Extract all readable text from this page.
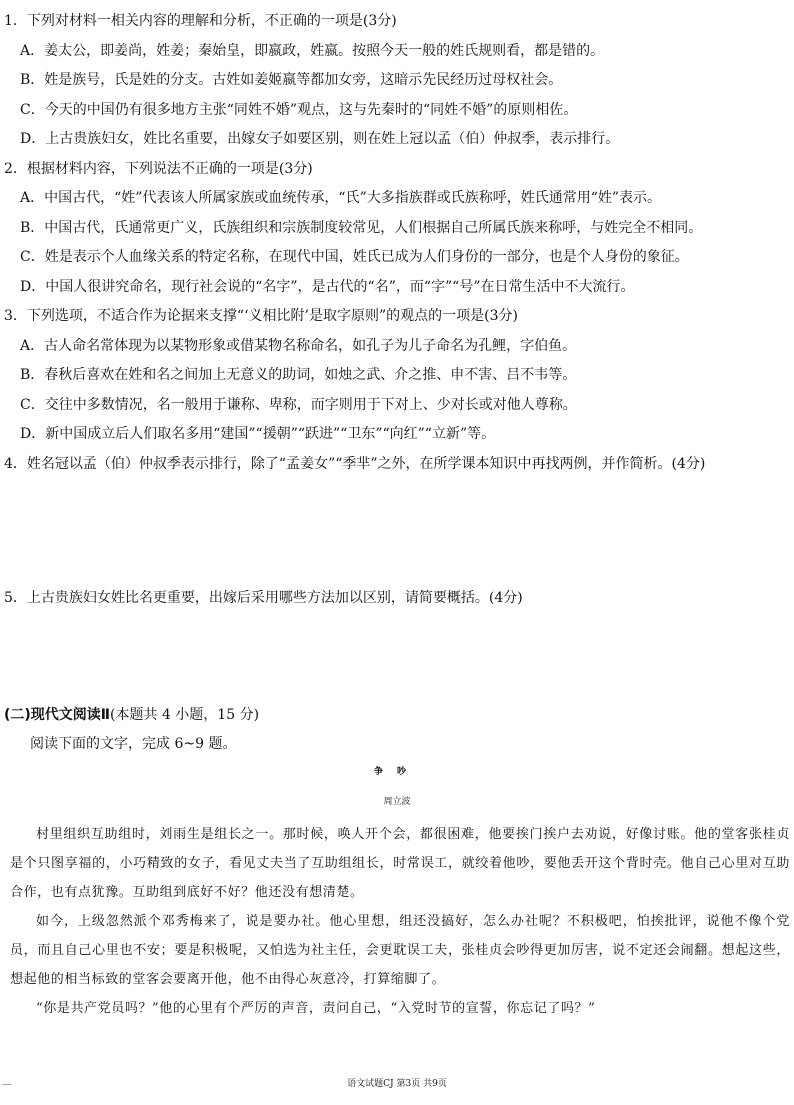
1．下列对材料一相关内容的理解和分析，不正确的一项是(3分)
A．姜太公，即姜尚，姓姜；秦始皇，即嬴政，姓嬴。按照今天一般的姓氏规则看，都是错的。
B．姓是族号，氏是姓的分支。古姓如姜姬嬴等都加女旁，这暗示先民经历过母权社会。
C．今天的中国仍有很多地方主张“同姓不婚”观点，这与先秦时的“同姓不婚”的原则相佐。
D．上古贵族妇女，姓比名重要，出嫁女子如要区别，则在姓上冠以孟（伯）仲叔季，表示排行。
2．根据材料内容，下列说法不正确的一项是(3分)
A．中国古代，“姓”代表该人所属家族或血统传承，“氏”大多指族群或氏族称呼，姓氏通常用“姓”表示。
B．中国古代，氏通常更广义，氏族组织和宗族制度较常见，人们根据自己所属氏族来称呼，与姓完全不相同。
C．姓是表示个人血缘关系的特定名称，在现代中国，姓氏已成为人们身份的一部分，也是个人身份的象征。
D．中国人很讲究命名，现行社会说的“名字”，是古代的“名”，而“字”“号”在日常生活中不大流行。
3．下列选项，不适合作为论据来支撑“‘义相比附’是取字原则”的观点的一项是(3分)
A．古人命名常体现为以某物形象或借某物名称命名，如孔子为儿子命名为孔鲤，字伯鱼。
B．春秋后喜欢在姓和名之间加上无意义的助词，如烛之武、介之推、申不害、吕不韦等。
C．交往中多数情况，名一般用于谦称、卑称，而字则用于下对上、少对长或对他人尊称。
D．新中国成立后人们取名多用“建国”“援朝”“跃进”“卫东”“向红”“立新”等。
4．姓名冠以孟（伯）仲叔季表示排行，除了“孟姜女”“季芈”之外，在所学课本知识中再找两例，并作简析。(4分)
5．上古贵族妇女姓比名更重要，出嫁后采用哪些方法加以区别，请简要概括。(4分)
(二)现代文阅读Ⅱ(本题共 4 小题，15 分)
阅读下面的文字，完成 6~9 题。
争吵
周立波
村里组织互助组时，刘雨生是组长之一。那时候，唤人开个会，都很困难，他要挨门挨户去劝说，好像讨账。他的堂客张桂贞是个只图享福的，小巧精致的女子，看见丈夫当了互助组组长，时常误工，就绞着他吵，要他丢开这个背时壳。他自己心里对互助合作，也有点犹豫。互助组到底好不好？他还没有想清楚。
如今，上级忽然派个邓秀梅来了，说是要办社。他心里想，组还没搞好，怎么办社呢？不积极吧，怕挨批评，说他不像个党员，而且自己心里也不安；要是积极呢，又怕选为社主任，会更耽误工夫，张桂贞会吵得更加厉害，说不定还会闹翻。想起这些，想起他的相当标致的堂客会要离开他，他不由得心灰意冷，打算缩脚了。
“你是共产党员吗？”他的心里有个严厉的声音，责问自己，“入党时节的宣誓，你忘记了吗？”
—	语文试题CJ 第3页 共9页
